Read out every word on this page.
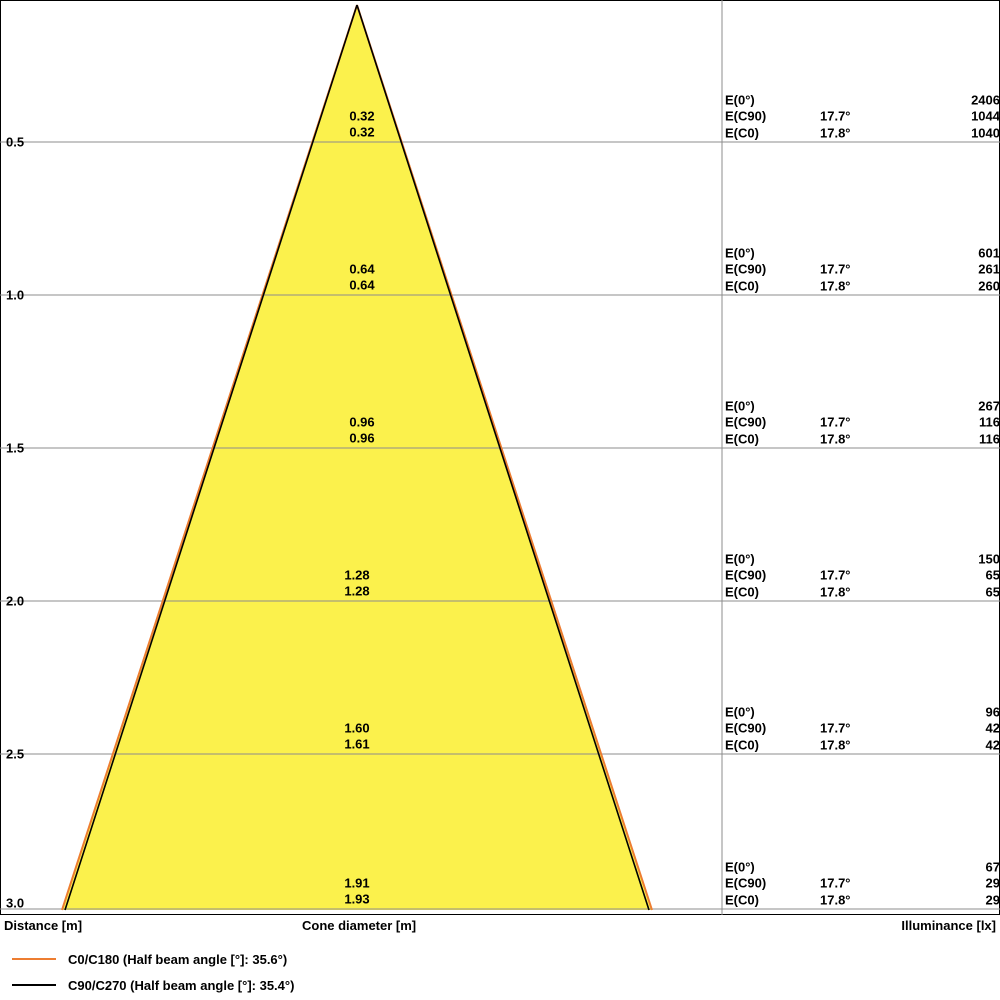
0.5
1.0
1.5
2.0
2.5
3.0
0.32
0.32
0.64
0.64
0.96
0.96
1.28
1.28
1.60
1.61
1.91
1.93
E(0°)	2406
E(C90)	17.7°	1044
E(C0)	17.8°	1040
E(0°)	601
E(C90)	17.7°	261
E(C0)	17.8°	260
E(0°)	267
E(C90)	17.7°	116
E(C0)	17.8°	116
E(0°)	150
E(C90)	17.7°	65
E(C0)	17.8°	65
E(0°)	96
E(C90)	17.7°	42
E(C0)	17.8°	42
E(0°)	67
E(C90)	17.7°	29
E(C0)	17.8°	29
Distance [m]	Cone diameter [m]	Illuminance [lx]
C0/C180 (Half beam angle [°]: 35.6°)
C90/C270 (Half beam angle [°]: 35.4°)
